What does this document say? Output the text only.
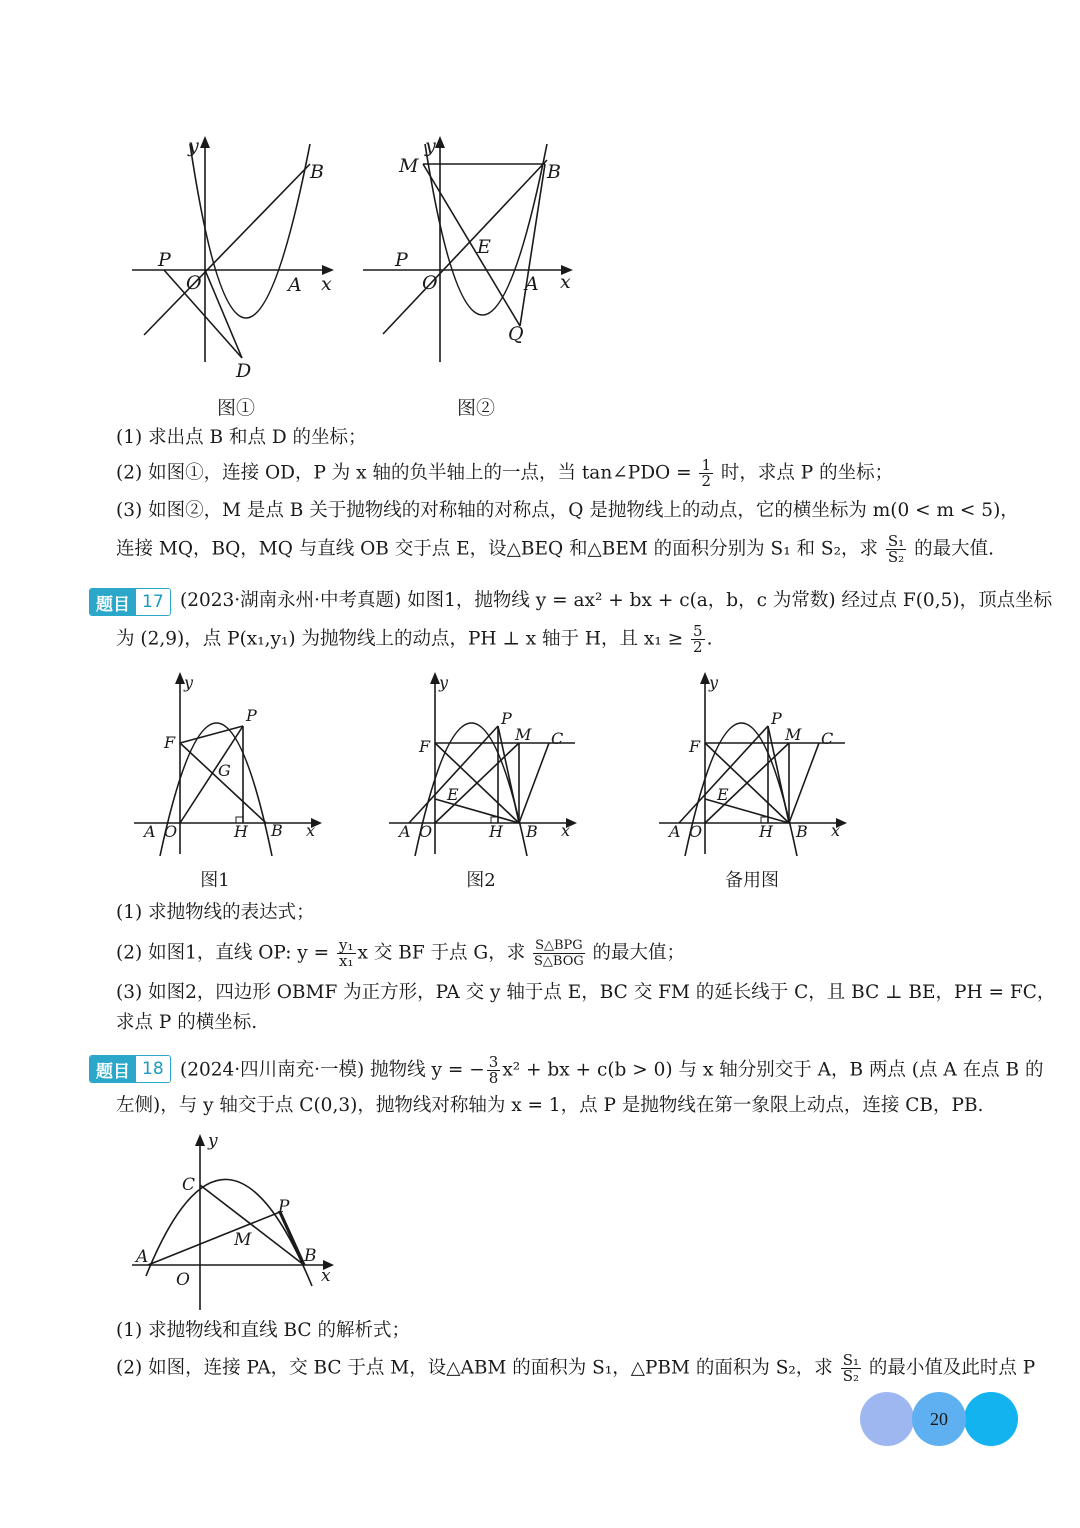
y
x
O	A
B
P
D
图①
y
x
O	A
B
M
E
P
Q
图②
(1) 求出点 B 和点 D 的坐标；
(2) 如图①，连接 OD，P 为 x 轴的负半轴上的一点，当 tan∠PDO = $\frac{1}{2}$ 时，求点 P 的坐标；
(3) 如图②，M 是点 B 关于抛物线的对称轴的对称点，Q 是抛物线上的动点，它的横坐标为 m(0 < m < 5)，
连接 MQ，BQ，MQ 与直线 OB 交于点 E，设△BEQ 和△BEM 的面积分别为 S₁ 和 S₂，求 $\frac{\text{S₁}}{\text{S₂}}$ 的最大值.
题目 17 (2023·湖南永州·中考真题) 如图1，抛物线 y = ax² + bx + c(a，b，c 为常数) 经过点 F(0,5)，顶点坐标
为 (2,9)，点 P(x₁,y₁) 为抛物线上的动点，PH ⊥ x 轴于 H，且 $x_1 \ge \frac{5}{2}$ .
y
x
A O	H B
F
P
G
图1
y
x
A O	H B
F
P
M C
E
图2
y
x
A O	H B
F
P
M C
E
备用图
(1) 求抛物线的表达式；
(2) 如图1，直线 OP: $y = \frac{\text{y₁}}{\text{x₁}}$ x 交 BF 于点 G，求 $\frac{\text{S△BPG}}{\text{S△BOG}}$ 的最大值；
(3) 如图2，四边形 OBMF 为正方形，PA 交 y 轴于点 E，BC 交 FM 的延长线于 C，且 BC ⊥ BE，PH = FC，
求点 P 的横坐标.
题目 18 (2024·四川南充·一模) 抛物线 y = − $\frac{3}{8} x^2$ + bx + c(b > 0) 与 x 轴分别交于 A，B 两点 (点 A 在点 B 的
左侧)，与 y 轴交于点 C(0,3)，抛物线对称轴为 x = 1，点 P 是抛物线在第一象限上动点，连接 CB，PB.
y
x
C
P
M
A	B
O
(1) 求抛物线和直线 BC 的解析式；
(2) 如图，连接 PA，交 BC 于点 M，设△ABM 的面积为 S₁，△PBM 的面积为 S₂，求 $\frac{\text{S₁}}{\text{S₂}}$ 的最小值及此时点 P
20
